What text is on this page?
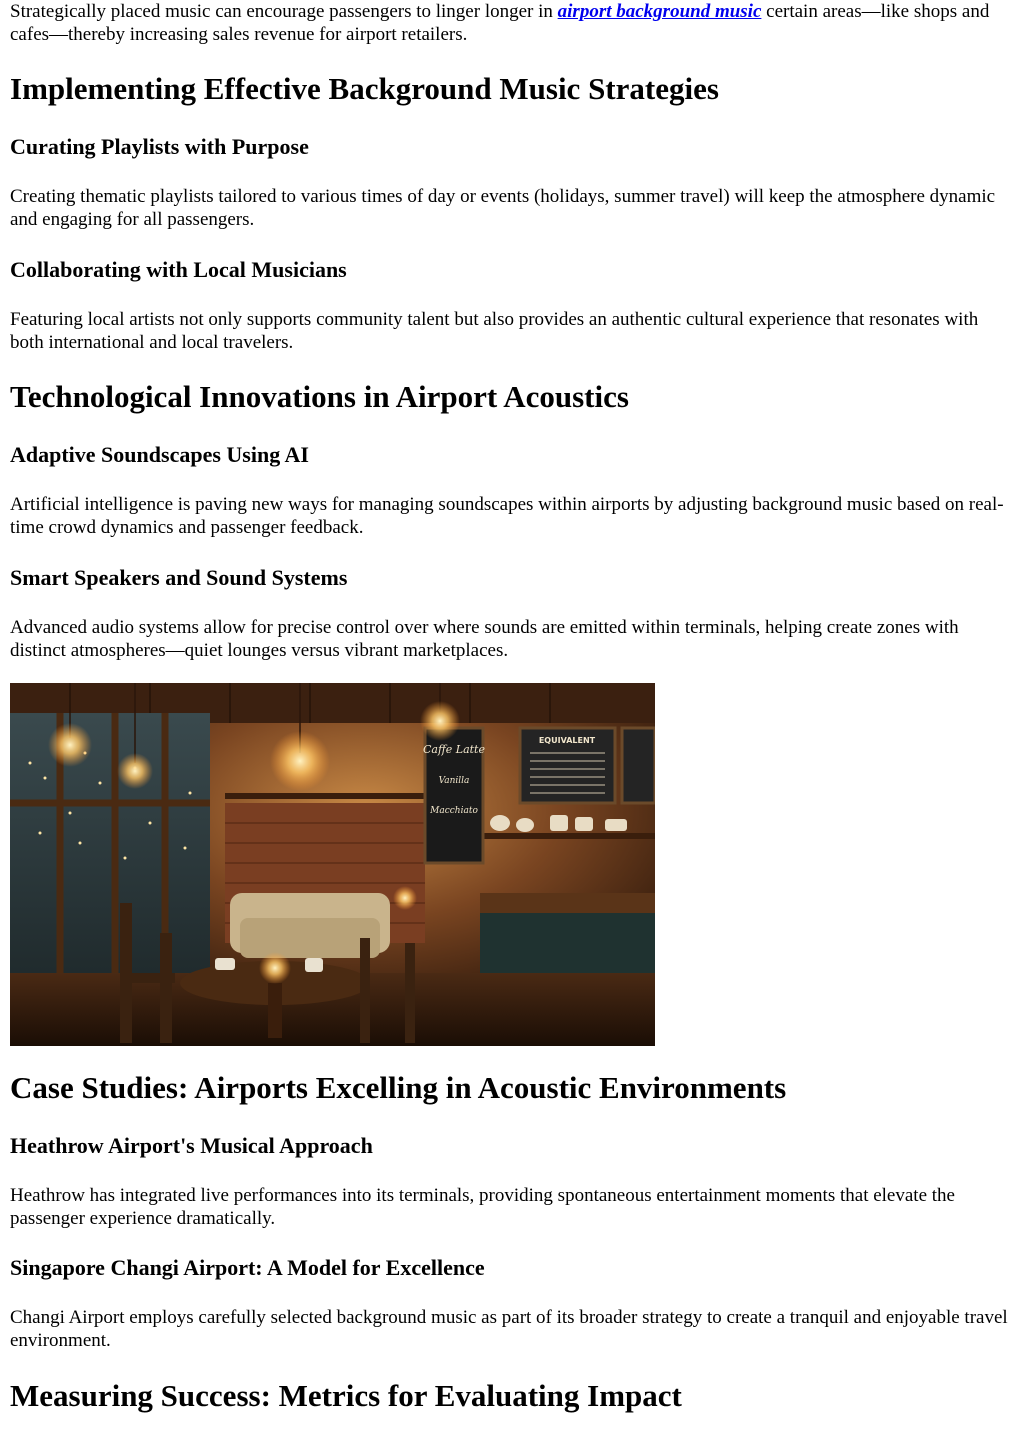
Strategically placed music can encourage passengers to linger longer in airport background music certain areas—like shops and cafes—thereby increasing sales revenue for airport retailers.

Implementing Effective Background Music Strategies
Curating Playlists with Purpose

Creating thematic playlists tailored to various times of day or events (holidays, summer travel) will keep the atmosphere dynamic and engaging for all passengers.

Collaborating with Local Musicians

Featuring local artists not only supports community talent but also provides an authentic cultural experience that resonates with both international and local travelers.

Technological Innovations in Airport Acoustics
Adaptive Soundscapes Using AI

Artificial intelligence is paving new ways for managing soundscapes within airports by adjusting background music based on real-time crowd dynamics and passenger feedback.

Smart Speakers and Sound Systems

Advanced audio systems allow for precise control over where sounds are emitted within terminals, helping create zones with distinct atmospheres—quiet lounges versus vibrant marketplaces.

Caffe Latte
Vanilla
Macchiato
EQUIVALENT
Case Studies: Airports Excelling in Acoustic Environments
Heathrow Airport's Musical Approach

Heathrow has integrated live performances into its terminals, providing spontaneous entertainment moments that elevate the passenger experience dramatically.

Singapore Changi Airport: A Model for Excellence

Changi Airport employs carefully selected background music as part of its broader strategy to create a tranquil and enjoyable travel environment.

Measuring Success: Metrics for Evaluating Impact
